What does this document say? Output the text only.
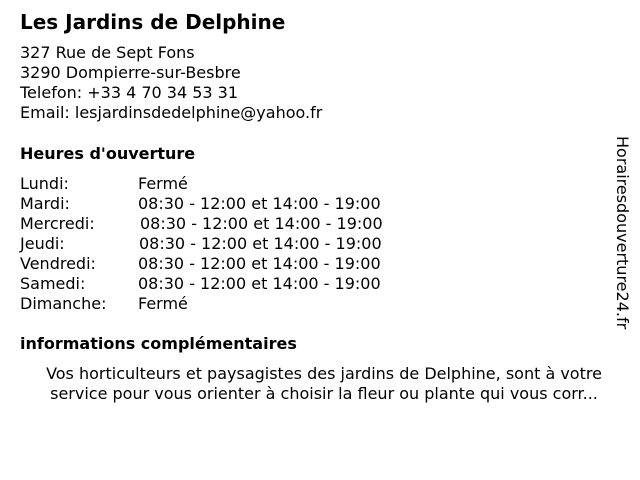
Les Jardins de Delphine
327 Rue de Sept Fons
3290 Dompierre-sur-Besbre
Telefon: +33 4 70 34 53 31
Email: lesjardinsdedelphine@yahoo.fr
Heures d'ouverture
Lundi:	Fermé
Mardi:	08:30 - 12:00 et 14:00 - 19:00
Mercredi:	08:30 - 12:00 et 14:00 - 19:00
Jeudi:	08:30 - 12:00 et 14:00 - 19:00
Vendredi:	08:30 - 12:00 et 14:00 - 19:00
Samedi:	08:30 - 12:00 et 14:00 - 19:00
Dimanche: Fermé
informations complémentaires
Vos horticulteurs et paysagistes des jardins de Delphine, sont à votre
service pour vous orienter à choisir la fleur ou plante qui vous corr...
Horairesdouverture24.fr
